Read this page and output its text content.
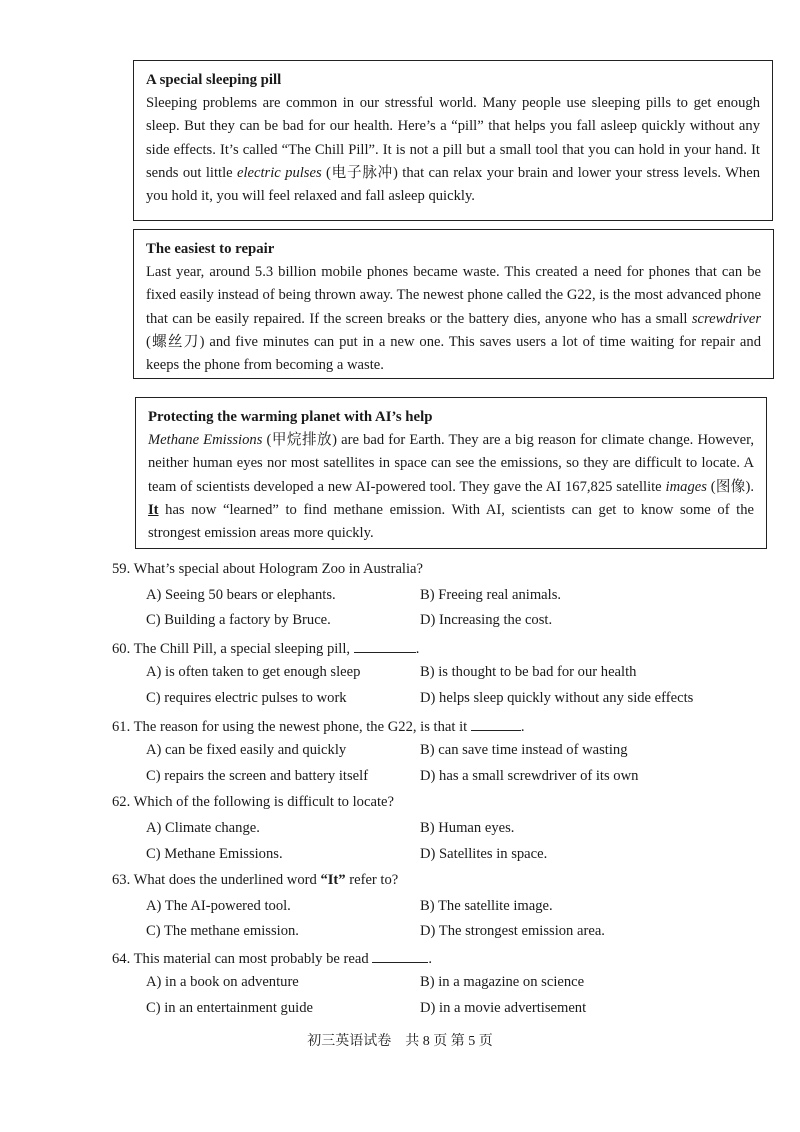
A special sleeping pill

Sleeping problems are common in our stressful world. Many people use sleeping pills to get enough sleep. But they can be bad for our health. Here’s a “pill” that helps you fall asleep quickly without any side effects. It’s called “The Chill Pill”. It is not a pill but a small tool that you can hold in your hand. It sends out little electric pulses (电子脉冲) that can relax your brain and lower your stress levels. When you hold it, you will feel relaxed and fall asleep quickly.

The easiest to repair

Last year, around 5.3 billion mobile phones became waste. This created a need for phones that can be fixed easily instead of being thrown away. The newest phone called the G22, is the most advanced phone that can be easily repaired. If the screen breaks or the battery dies, anyone who has a small screwdriver (螺丝刀) and five minutes can put in a new one. This saves users a lot of time waiting for repair and keeps the phone from becoming a waste.

Protecting the warming planet with AI’s help

Methane Emissions (甲烷排放) are bad for Earth. They are a big reason for climate change. However, neither human eyes nor most satellites in space can see the emissions, so they are difficult to locate. A team of scientists developed a new AI-powered tool. They gave the AI 167,825 satellite images (图像). It has now “learned” to find methane emission. With AI, scientists can get to know some of the strongest emission areas more quickly.

59. What’s special about Hologram Zoo in Australia?
A) Seeing 50 bears or elephants.	B) Freeing real animals.
C) Building a factory by Bruce.	D) Increasing the cost.
60. The Chill Pill, a special sleeping pill,	.
A) is often taken to get enough sleep	B) is thought to be bad for our health
C) requires electric pulses to work	D) helps sleep quickly without any side effects
61. The reason for using the newest phone, the G22, is that it	.
A) can be fixed easily and quickly	B) can save time instead of wasting
C) repairs the screen and battery itself	D) has a small screwdriver of its own
62. Which of the following is difficult to locate?
A) Climate change.	B) Human eyes.
C) Methane Emissions.	D) Satellites in space.
63. What does the underlined word “It” refer to?
A) The AI-powered tool.	B) The satellite image.
C) The methane emission.	D) The strongest emission area.
64. This material can most probably be read	.
A) in a book on adventure	B) in a magazine on science
C) in an entertainment guide	D) in a movie advertisement
初三英语试卷　共 8 页 第 5 页
